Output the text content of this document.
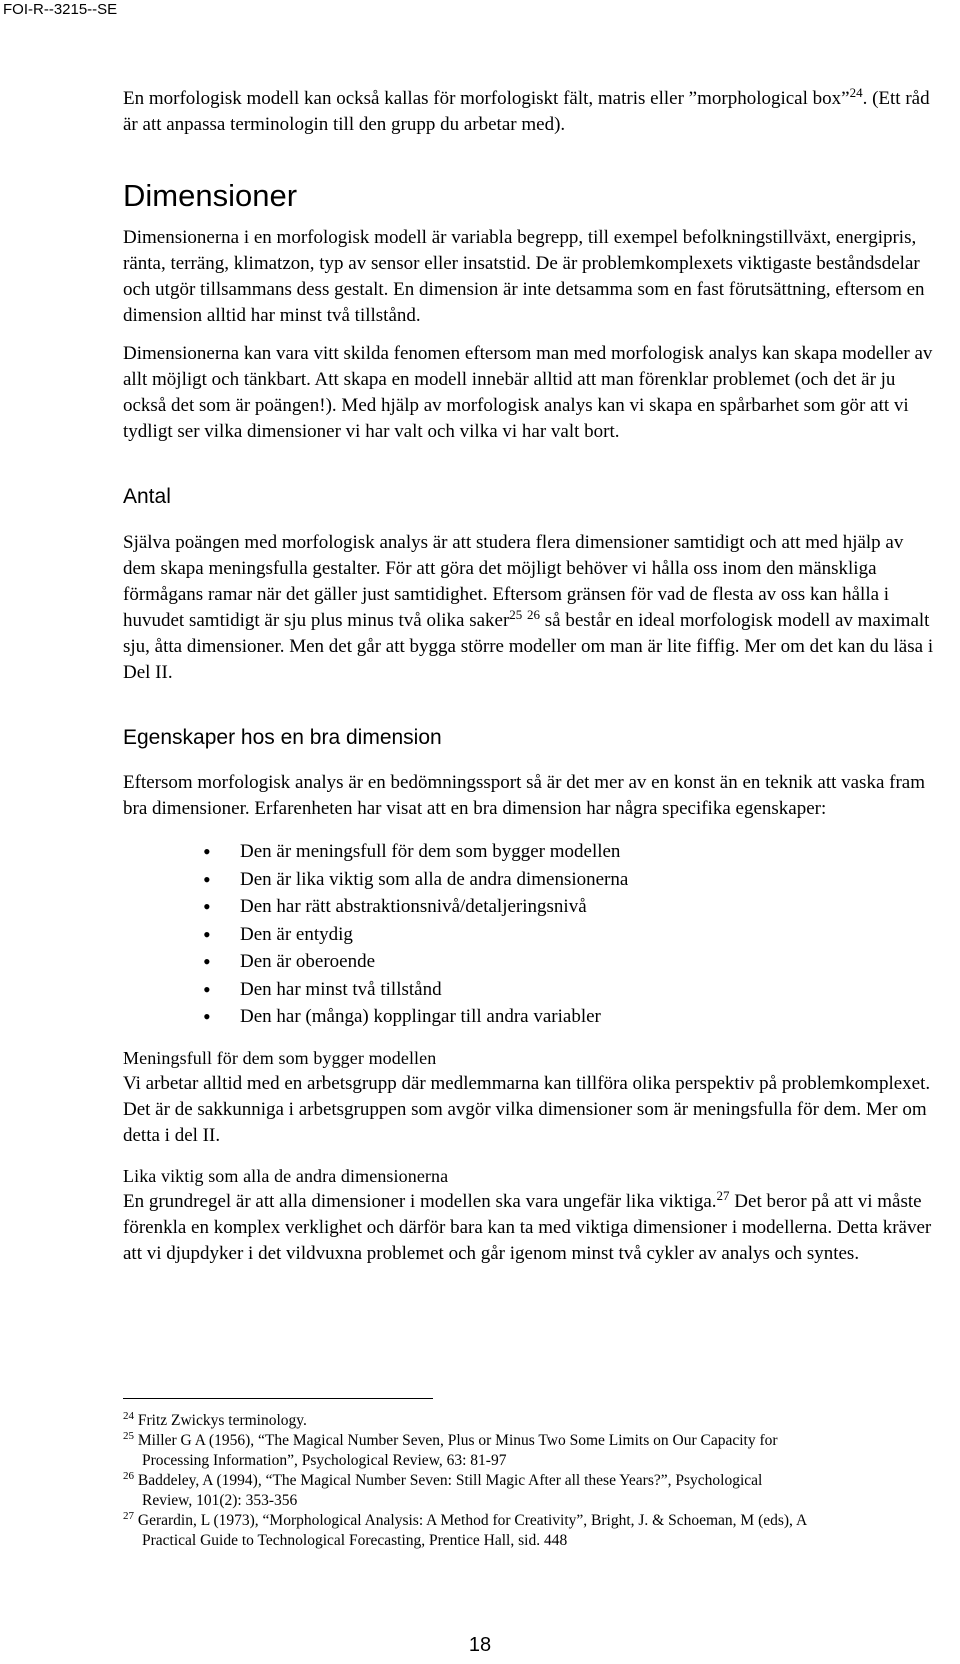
FOI-R--3215--SE

En morfologisk modell kan också kallas för morfologiskt fält, matris eller ”morphological box”$^{24}$. (Ett råd är att anpassa terminologin till den grupp du arbetar med).

Dimensioner

Dimensionerna i en morfologisk modell är variabla begrepp, till exempel befolkningstillväxt, energipris, ränta, terräng, klimatzon, typ av sensor eller insatstid. De är problemkomplexets viktigaste beståndsdelar och utgör tillsammans dess gestalt. En dimension är inte detsamma som en fast förutsättning, eftersom en dimension alltid har minst två tillstånd.

Dimensionerna kan vara vitt skilda fenomen eftersom man med morfologisk analys kan skapa modeller av allt möjligt och tänkbart. Att skapa en modell innebär alltid att man förenklar problemet (och det är ju också det som är poängen!). Med hjälp av morfologisk analys kan vi skapa en spårbarhet som gör att vi tydligt ser vilka dimensioner vi har valt och vilka vi har valt bort.

Antal

Själva poängen med morfologisk analys är att studera flera dimensioner samtidigt och att med hjälp av dem skapa meningsfulla gestalter. För att göra det möjligt behöver vi hålla oss inom den mänskliga förmågans ramar när det gäller just samtidighet. Eftersom gränsen för vad de flesta av oss kan hålla i huvudet samtidigt är sju plus minus två olika saker$^{25}$ $^{26}$ så består en ideal morfologisk modell av maximalt sju, åtta dimensioner. Men det går att bygga större modeller om man är lite fiffig. Mer om det kan du läsa i Del II.

Egenskaper hos en bra dimension

Eftersom morfologisk analys är en bedömningssport så är det mer av en konst än en teknik att vaska fram bra dimensioner. Erfarenheten har visat att en bra dimension har några specifika egenskaper:

• Den är meningsfull för dem som bygger modellen
• Den är lika viktig som alla de andra dimensionerna
• Den har rätt abstraktionsnivå/detaljeringsnivå
• Den är entydig
• Den är oberoende
• Den har minst två tillstånd
• Den har (många) kopplingar till andra variabler

Meningsfull för dem som bygger modellen

Vi arbetar alltid med en arbetsgrupp där medlemmarna kan tillföra olika perspektiv på problemkomplexet. Det är de sakkunniga i arbetsgruppen som avgör vilka dimensioner som är meningsfulla för dem. Mer om detta i del II.

Lika viktig som alla de andra dimensionerna

En grundregel är att alla dimensioner i modellen ska vara ungefär lika viktiga.$^{27}$ Det beror på att vi måste förenkla en komplex verklighet och därför bara kan ta med viktiga dimensioner i modellerna. Detta kräver att vi djupdyker i det vildvuxna problemet och går igenom minst två cykler av analys och syntes.

$^{24}$ Fritz Zwickys terminology.

$^{25}$ Miller G A (1956), “The Magical Number Seven, Plus or Minus Two Some Limits on Our Capacity for
Processing Information”, Psychological Review, 63: 81-97

$^{26}$ Baddeley, A (1994), “The Magical Number Seven: Still Magic After all these Years?”, Psychological
Review, 101(2): 353-356

$^{27}$ Gerardin, L (1973), “Morphological Analysis: A Method for Creativity”, Bright, J. & Schoeman, M (eds), A
Practical Guide to Technological Forecasting, Prentice Hall, sid. 448

18
